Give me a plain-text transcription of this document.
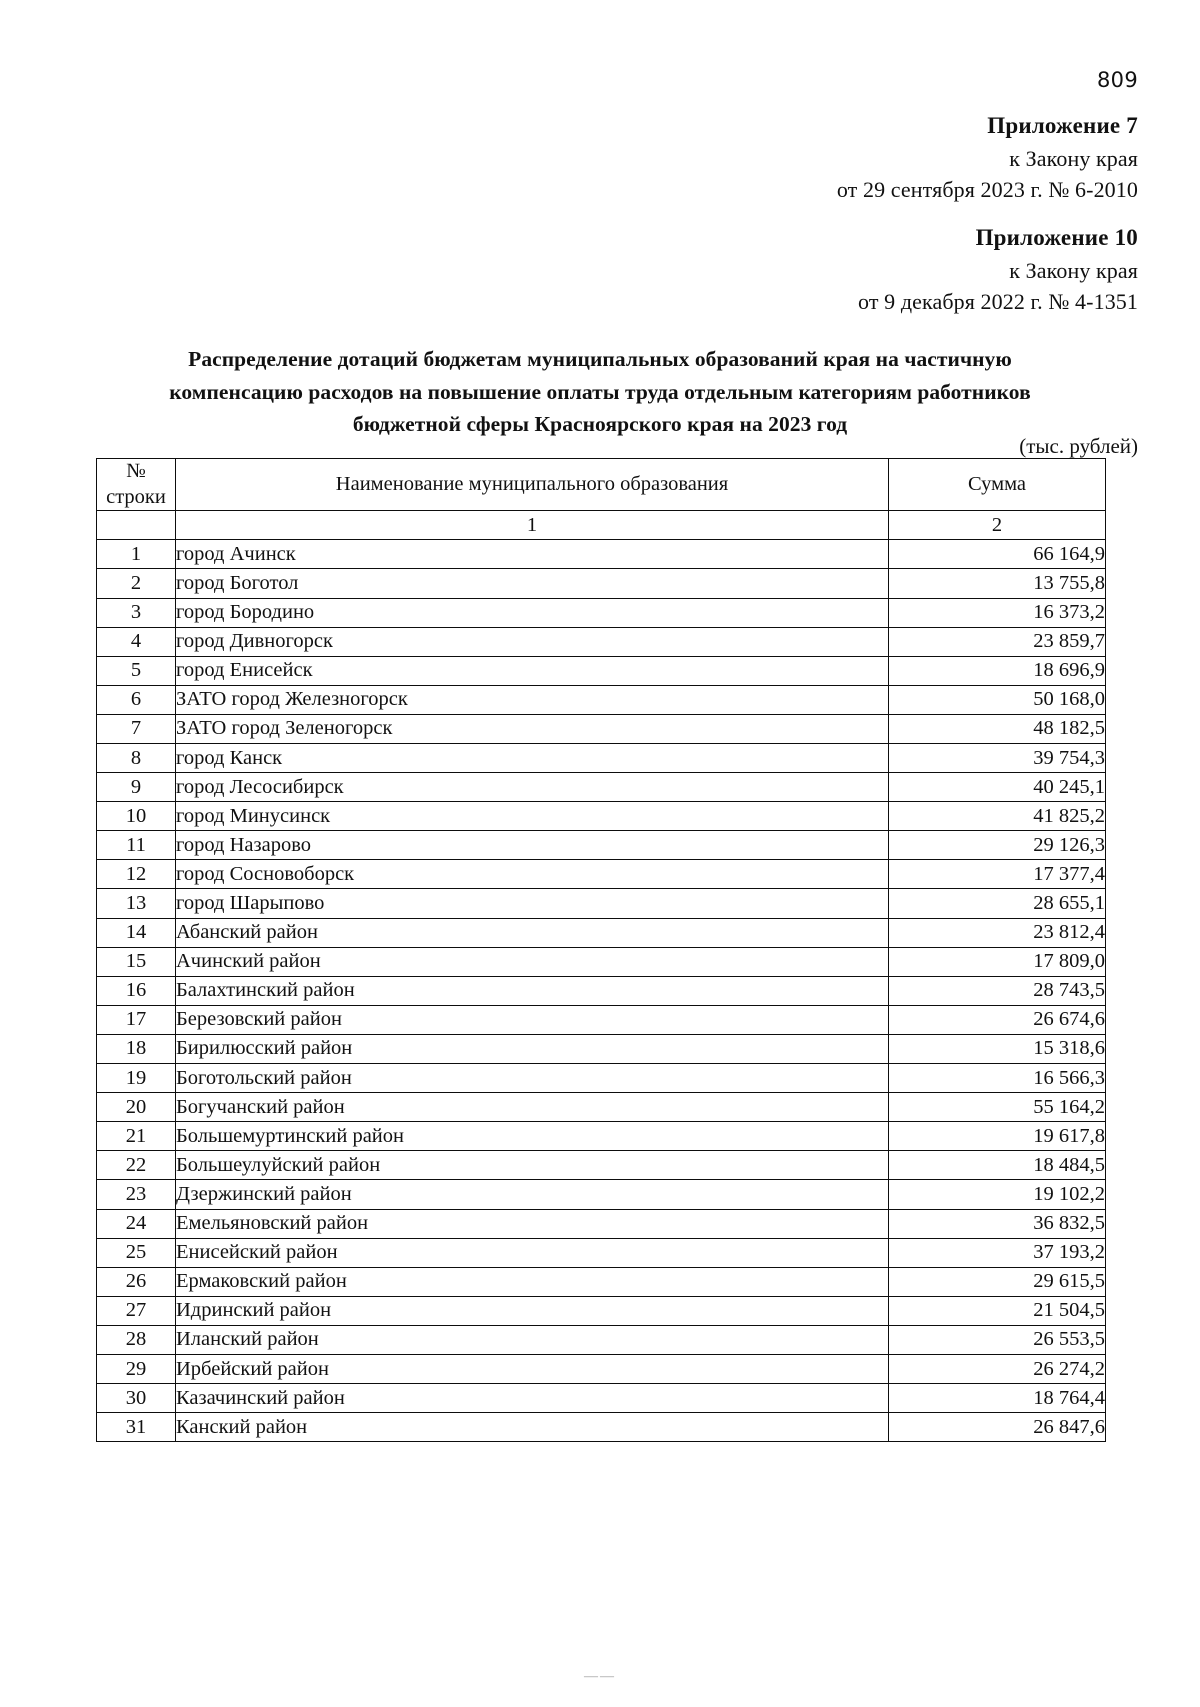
809
Приложение 7
к Закону края
от 29 сентября 2023 г. № 6-2010
Приложение 10
к Закону края
от 9 декабря 2022 г. № 4-1351
Распределение дотаций бюджетам муниципальных образований края на частичную
компенсацию расходов на повышение оплаты труда отдельным категориям работников
бюджетной сферы Красноярского края на 2023 год
(тыс. рублей)
№
строки	Наименование муниципального образования	Сумма
	1	2
1	город Ачинск	66 164,9
2	город Боготол	13 755,8
3	город Бородино	16 373,2
4	город Дивногорск	23 859,7
5	город Енисейск	18 696,9
6	ЗАТО город Железногорск	50 168,0
7	ЗАТО город Зеленогорск	48 182,5
8	город Канск	39 754,3
9	город Лесосибирск	40 245,1
10	город Минусинск	41 825,2
11	город Назарово	29 126,3
12	город Сосновоборск	17 377,4
13	город Шарыпово	28 655,1
14	Абанский район	23 812,4
15	Ачинский район	17 809,0
16	Балахтинский район	28 743,5
17	Березовский район	26 674,6
18	Бирилюсский район	15 318,6
19	Боготольский район	16 566,3
20	Богучанский район	55 164,2
21	Большемуртинский район	19 617,8
22	Большеулуйский район	18 484,5
23	Дзержинский район	19 102,2
24	Емельяновский район	36 832,5
25	Енисейский район	37 193,2
26	Ермаковский район	29 615,5
27	Идринский район	21 504,5
28	Иланский район	26 553,5
29	Ирбейский район	26 274,2
30	Казачинский район	18 764,4
31	Канский район	26 847,6
——
